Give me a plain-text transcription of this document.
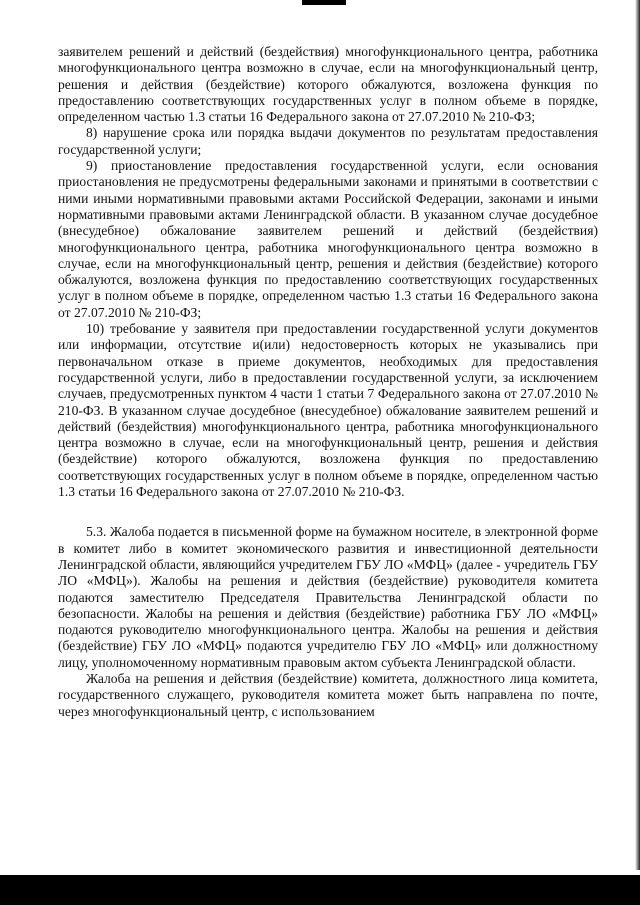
заявителем решений и действий (бездействия) многофункционального центра, работника многофункционального центра возможно в случае, если на многофункциональный центр, решения и действия (бездействие) которого обжалуются, возложена функция по предоставлению соответствующих государственных услуг в полном объеме в порядке, определенном частью 1.3 статьи 16 Федерального закона от 27.07.2010 № 210-ФЗ;

8) нарушение срока или порядка выдачи документов по результатам предоставления государственной услуги;

9) приостановление предоставления государственной услуги, если основания приостановления не предусмотрены федеральными законами и принятыми в соответствии с ними иными нормативными правовыми актами Российской Федерации, законами и иными нормативными правовыми актами Ленинградской области. В указанном случае досудебное (внесудебное) обжалование заявителем решений и действий (бездействия) многофункционального центра, работника многофункционального центра возможно в случае, если на многофункциональный центр, решения и действия (бездействие) которого обжалуются, возложена функция по предоставлению соответствующих государственных услуг в полном объеме в порядке, определенном частью 1.3 статьи 16 Федерального закона от 27.07.2010 № 210-ФЗ;

10) требование у заявителя при предоставлении государственной услуги документов или информации, отсутствие и(или) недостоверность которых не указывались при первоначальном отказе в приеме документов, необходимых для предоставления государственной услуги, либо в предоставлении государственной услуги, за исключением случаев, предусмотренных пунктом 4 части 1 статьи 7 Федерального закона от 27.07.2010 № 210-ФЗ. В указанном случае досудебное (внесудебное) обжалование заявителем решений и действий (бездействия) многофункционального центра, работника многофункционального центра возможно в случае, если на многофункциональный центр, решения и действия (бездействие) которого обжалуются, возложена функция по предоставлению соответствующих государственных услуг в полном объеме в порядке, определенном частью 1.3 статьи 16 Федерального закона от 27.07.2010 № 210-ФЗ.

5.3. Жалоба подается в письменной форме на бумажном носителе, в электронной форме в комитет либо в комитет экономического развития и инвестиционной деятельности Ленинградской области, являющийся учредителем ГБУ ЛО «МФЦ» (далее - учредитель ГБУ ЛО «МФЦ»). Жалобы на решения и действия (бездействие) руководителя комитета подаются заместителю Председателя Правительства Ленинградской области по безопасности. Жалобы на решения и действия (бездействие) работника ГБУ ЛО «МФЦ» подаются руководителю многофункционального центра. Жалобы на решения и действия (бездействие) ГБУ ЛО «МФЦ» подаются учредителю ГБУ ЛО «МФЦ» или должностному лицу, уполномоченному нормативным правовым актом субъекта Ленинградской области.

Жалоба на решения и действия (бездействие) комитета, должностного лица комитета, государственного служащего, руководителя комитета может быть направлена по почте, через многофункциональный центр, с использованием
